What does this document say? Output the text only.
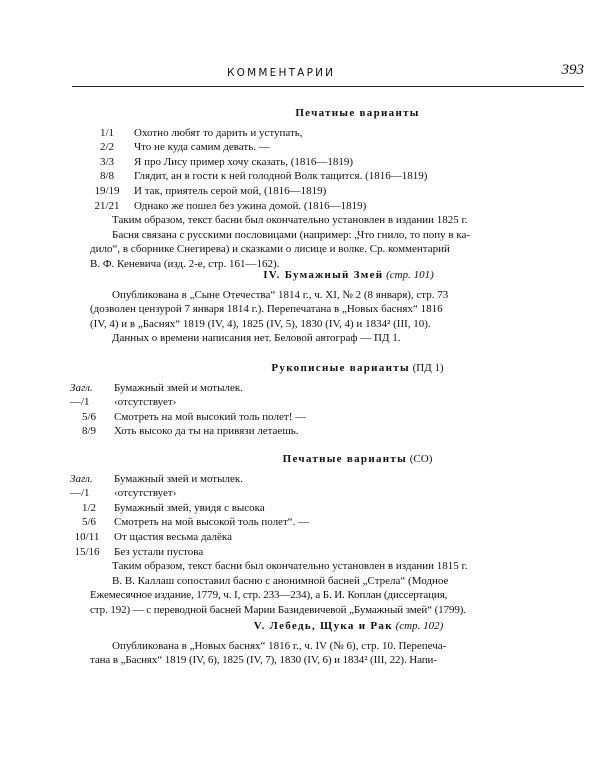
КОММЕНТАРИИ	393

Печатные варианты

1/1	Охотно любят то дарить и уступать,
2/2	Что не куда самим девать. —
3/3	Я про Лису пример хочу сказать, (1816—1819)
8/8	Глядит, ан в гости к ней голодной Волк тащится. (1816—1819)
19/19	И так, приятель серой мой, (1816—1819)
21/21	Однако же пошел без ужина домой. (1816—1819)

Таким образом, текст басни был окончательно установлен в издании 1825 г.

Басня связана с русскими пословицами (например: „Что гнило, то попу в ка-

дило“, в сборнике Снегирева) и сказками о лисице и волке. Ср. комментарий

В. Ф. Кеневича (изд. 2-е, стр. 161—162).

IV. Бумажный Змей (стр. 101)

Опубликована в „Сыне Отечества“ 1814 г., ч. XI, № 2 (8 января), стр. 73

(дозволен цензурой 7 января 1814 г.). Перепечатана в „Новых баснях“ 1816

(IV, 4) и в „Баснях“ 1819 (IV, 4), 1825 (IV, 5), 1830 (IV, 4) и 1834² (III, 10).

Данных о времени написания нет. Беловой автограф — ПД 1.

Рукописные варианты (ПД 1)

Загл.	Бумажный змей и мотылек.
—/1	‹отсутствует›
5/6	Смотреть на мой высокий толь полет! —
8/9	Хоть высоко да ты на привязи летаешь.

Печатные варианты (СО)

Загл.	Бумажный змей и мотылек.
—/1	‹отсутствует›
1/2	Бумажный змей, увидя с высока
5/6	Смотреть на мой высокой толь полет“. —
10/11	От щастия весьма далёка
15/16	Без устали пустова

Таким образом, текст басни был окончательно установлен в издании 1815 г.

В. В. Каллаш сопоставил басню с анонимной басней „Стрела“ (Модное

Ежемесячное издание, 1779, ч. I, стр. 233—234), а Б. И. Коплан (диссертация,

стр. 192) — с переводной басней Марии Базидевичевой „Бумажный змей“ (1799).

V. Лебедь, Щука и Рак (стр. 102)

Опубликована в „Новых баснях“ 1816 г., ч. IV (№ 6), стр. 10. Перепеча-

тана в „Баснях“ 1819 (IV, 6), 1825 (IV, 7), 1830 (IV, 6) и 1834² (III, 22). Напи-
